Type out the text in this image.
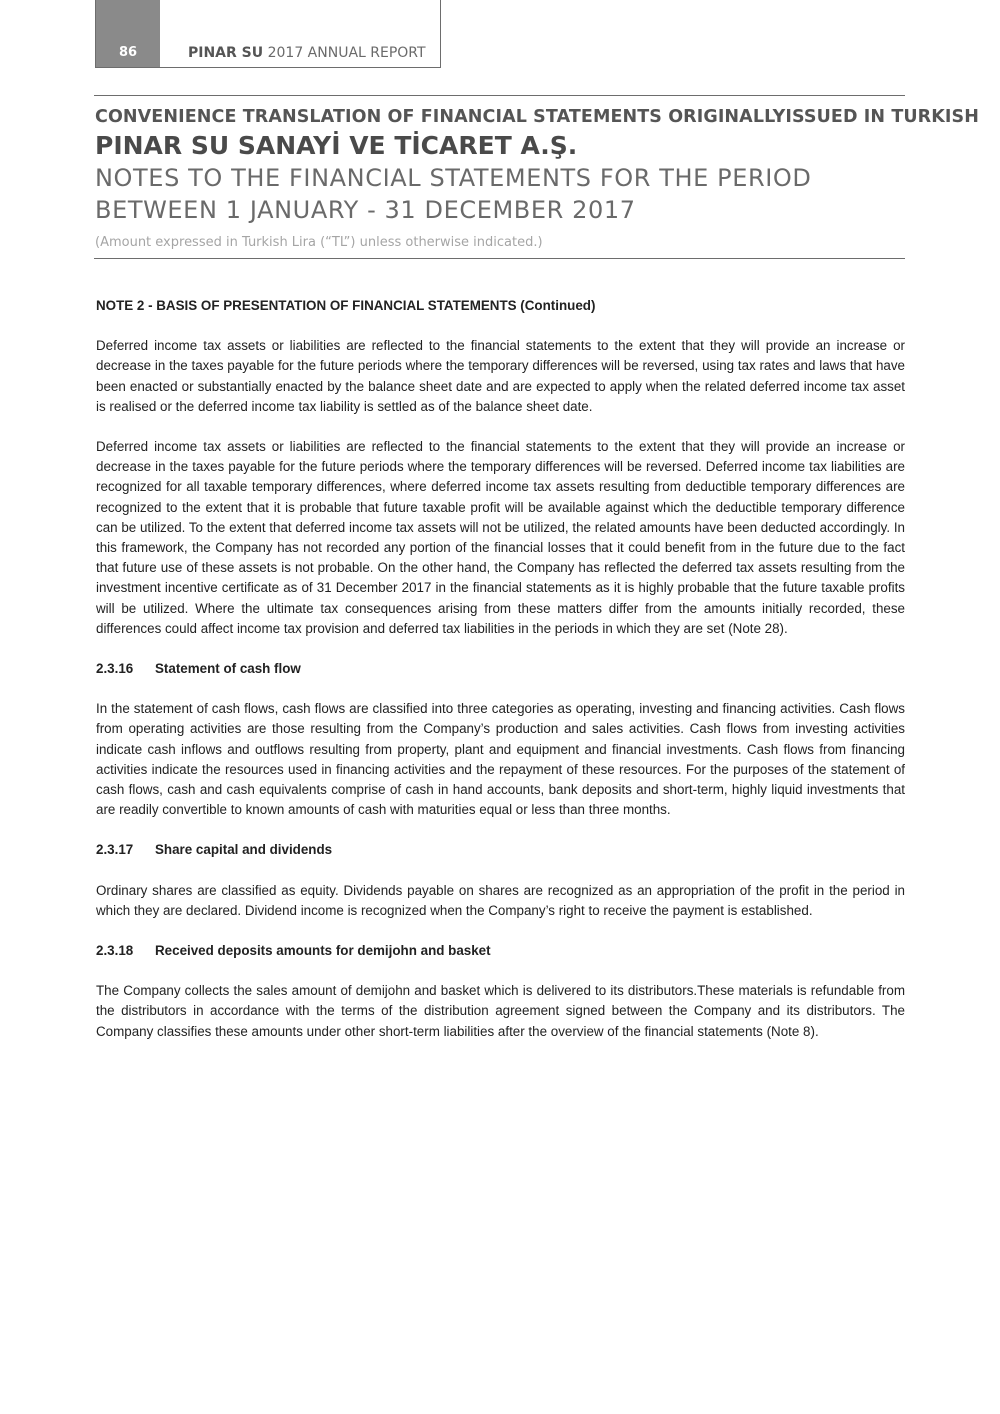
86	PINAR SU 2017 ANNUAL REPORT
CONVENIENCE TRANSLATION OF FINANCIAL STATEMENTS ORIGINALLYISSUED IN TURKISH
PINAR SU SANAYİ VE TİCARET A.Ş.
NOTES TO THE FINANCIAL STATEMENTS FOR THE PERIOD
BETWEEN 1 JANUARY - 31 DECEMBER 2017
(Amount expressed in Turkish Lira (“TL”) unless otherwise indicated.)

NOTE 2 - BASIS OF PRESENTATION OF FINANCIAL STATEMENTS (Continued)

Deferred income tax assets or liabilities are reflected to the financial statements to the extent that they will provide an increase or decrease in the taxes payable for the future periods where the temporary differences will be reversed, using tax rates and laws that have been enacted or substantially enacted by the balance sheet date and are expected to apply when the related deferred income tax asset is realised or the deferred income tax liability is settled as of the balance sheet date.

Deferred income tax assets or liabilities are reflected to the financial statements to the extent that they will provide an increase or decrease in the taxes payable for the future periods where the temporary differences will be reversed. Deferred income tax liabilities are recognized for all taxable temporary differences, where deferred income tax assets resulting from deductible temporary differences are recognized to the extent that it is probable that future taxable profit will be available against which the deductible temporary difference can be utilized. To the extent that deferred income tax assets will not be utilized, the related amounts have been deducted accordingly. In this framework, the Company has not recorded any portion of the financial losses that it could benefit from in the future due to the fact that future use of these assets is not probable. On the other hand, the Company has reflected the deferred tax assets resulting from the investment incentive certificate as of 31 December 2017 in the financial statements as it is highly probable that the future taxable profits will be utilized. Where the ultimate tax consequences arising from these matters differ from the amounts initially recorded, these differences could affect income tax provision and deferred tax liabilities in the periods in which they are set (Note 28).

2.3.16 Statement of cash flow

In the statement of cash flows, cash flows are classified into three categories as operating, investing and financing activities. Cash flows from operating activities are those resulting from the Company’s production and sales activities. Cash flows from investing activities indicate cash inflows and outflows resulting from property, plant and equipment and financial investments. Cash flows from financing activities indicate the resources used in financing activities and the repayment of these resources. For the purposes of the statement of cash flows, cash and cash equivalents comprise of cash in hand accounts, bank deposits and short-term, highly liquid investments that are readily convertible to known amounts of cash with maturities equal or less than three months.

2.3.17 Share capital and dividends

Ordinary shares are classified as equity. Dividends payable on shares are recognized as an appropriation of the profit in the period in which they are declared. Dividend income is recognized when the Company’s right to receive the payment is established.

2.3.18 Received deposits amounts for demijohn and basket

The Company collects the sales amount of demijohn and basket which is delivered to its distributors.These materials is refundable from the distributors in accordance with the terms of the distribution agreement signed between the Company and its distributors. The Company classifies these amounts under other short-term liabilities after the overview of the financial statements (Note 8).
